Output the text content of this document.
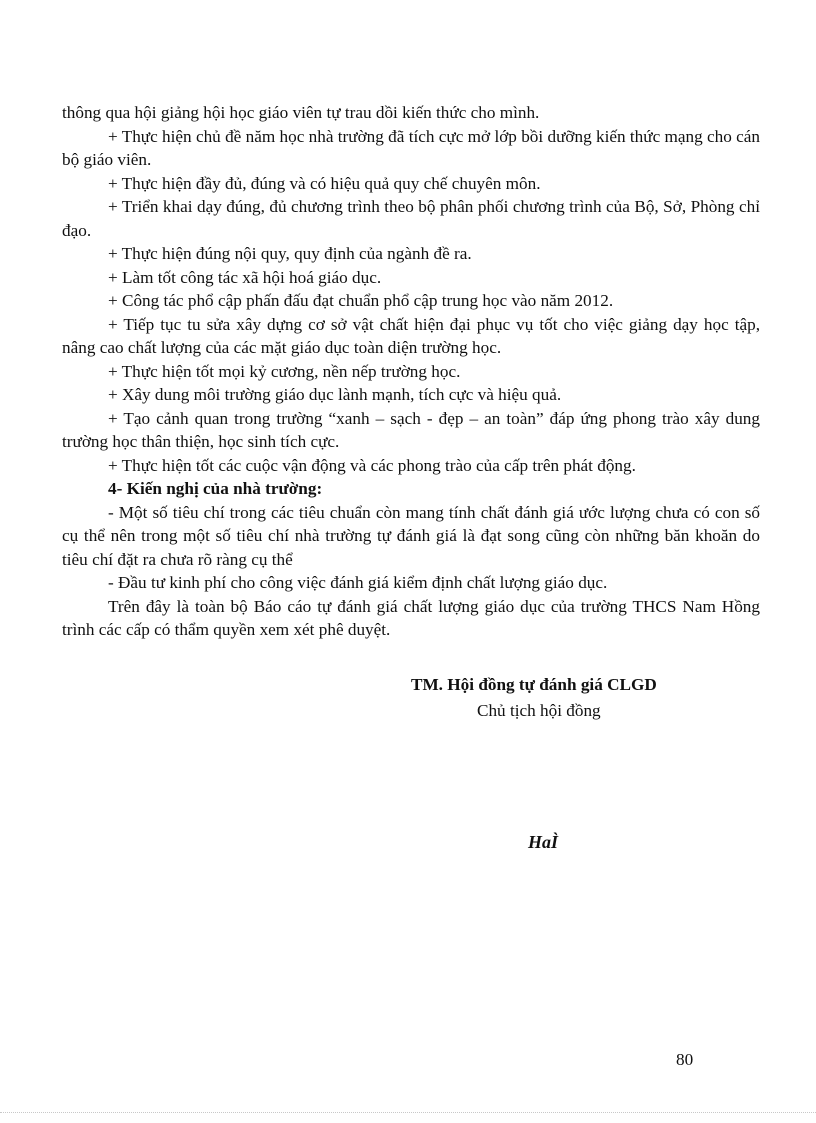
thông qua hội giảng hội học giáo viên tự trau dồi kiến thức cho mình.

+ Thực hiện chủ đề năm học nhà trường đã tích cực mở lớp bồi dưỡng kiến thức mạng cho cán bộ giáo viên.

+ Thực hiện đầy đủ, đúng và có hiệu quả quy chế chuyên môn.

+ Triển khai dạy đúng, đủ chương trình theo bộ phân phối chương trình của Bộ, Sở, Phòng chỉ đạo.

+ Thực hiện đúng nội quy, quy định của ngành đề ra.

+ Làm tốt công tác xã hội hoá giáo dục.

+ Công tác phổ cập phấn đấu đạt chuẩn phổ cập trung học vào năm 2012.

+ Tiếp tục tu sửa xây dựng cơ sở vật chất hiện đại phục vụ tốt cho việc giảng dạy học tập, nâng cao chất lượng của các mặt giáo dục toàn diện trường học.

+ Thực hiện tốt mọi kỷ cương, nền nếp trường học.

+ Xây dung môi trường giáo dục lành mạnh, tích cực và hiệu quả.

+ Tạo cảnh quan trong trường “xanh – sạch - đẹp – an toàn” đáp ứng phong trào xây dung trường học thân thiện, học sinh tích cực.

+ Thực hiện tốt các cuộc vận động và các phong trào của cấp trên phát động.

4- Kiến nghị của nhà trường:

- Một số tiêu chí trong các tiêu chuẩn còn mang tính chất đánh giá ước lượng chưa có con số cụ thể nên trong một số tiêu chí nhà trường tự đánh giá là đạt song cũng còn những băn khoăn do tiêu chí đặt ra chưa rõ ràng cụ thể

- Đầu tư kinh phí cho công việc đánh giá kiểm định chất lượng giáo dục.

Trên đây là toàn bộ Báo cáo tự đánh giá chất lượng giáo dục của trường THCS Nam Hồng trình các cấp có thẩm quyền xem xét phê duyệt.

TM. Hội đồng tự đánh giá CLGD
Chủ tịch hội đồng
HaÌ
80
